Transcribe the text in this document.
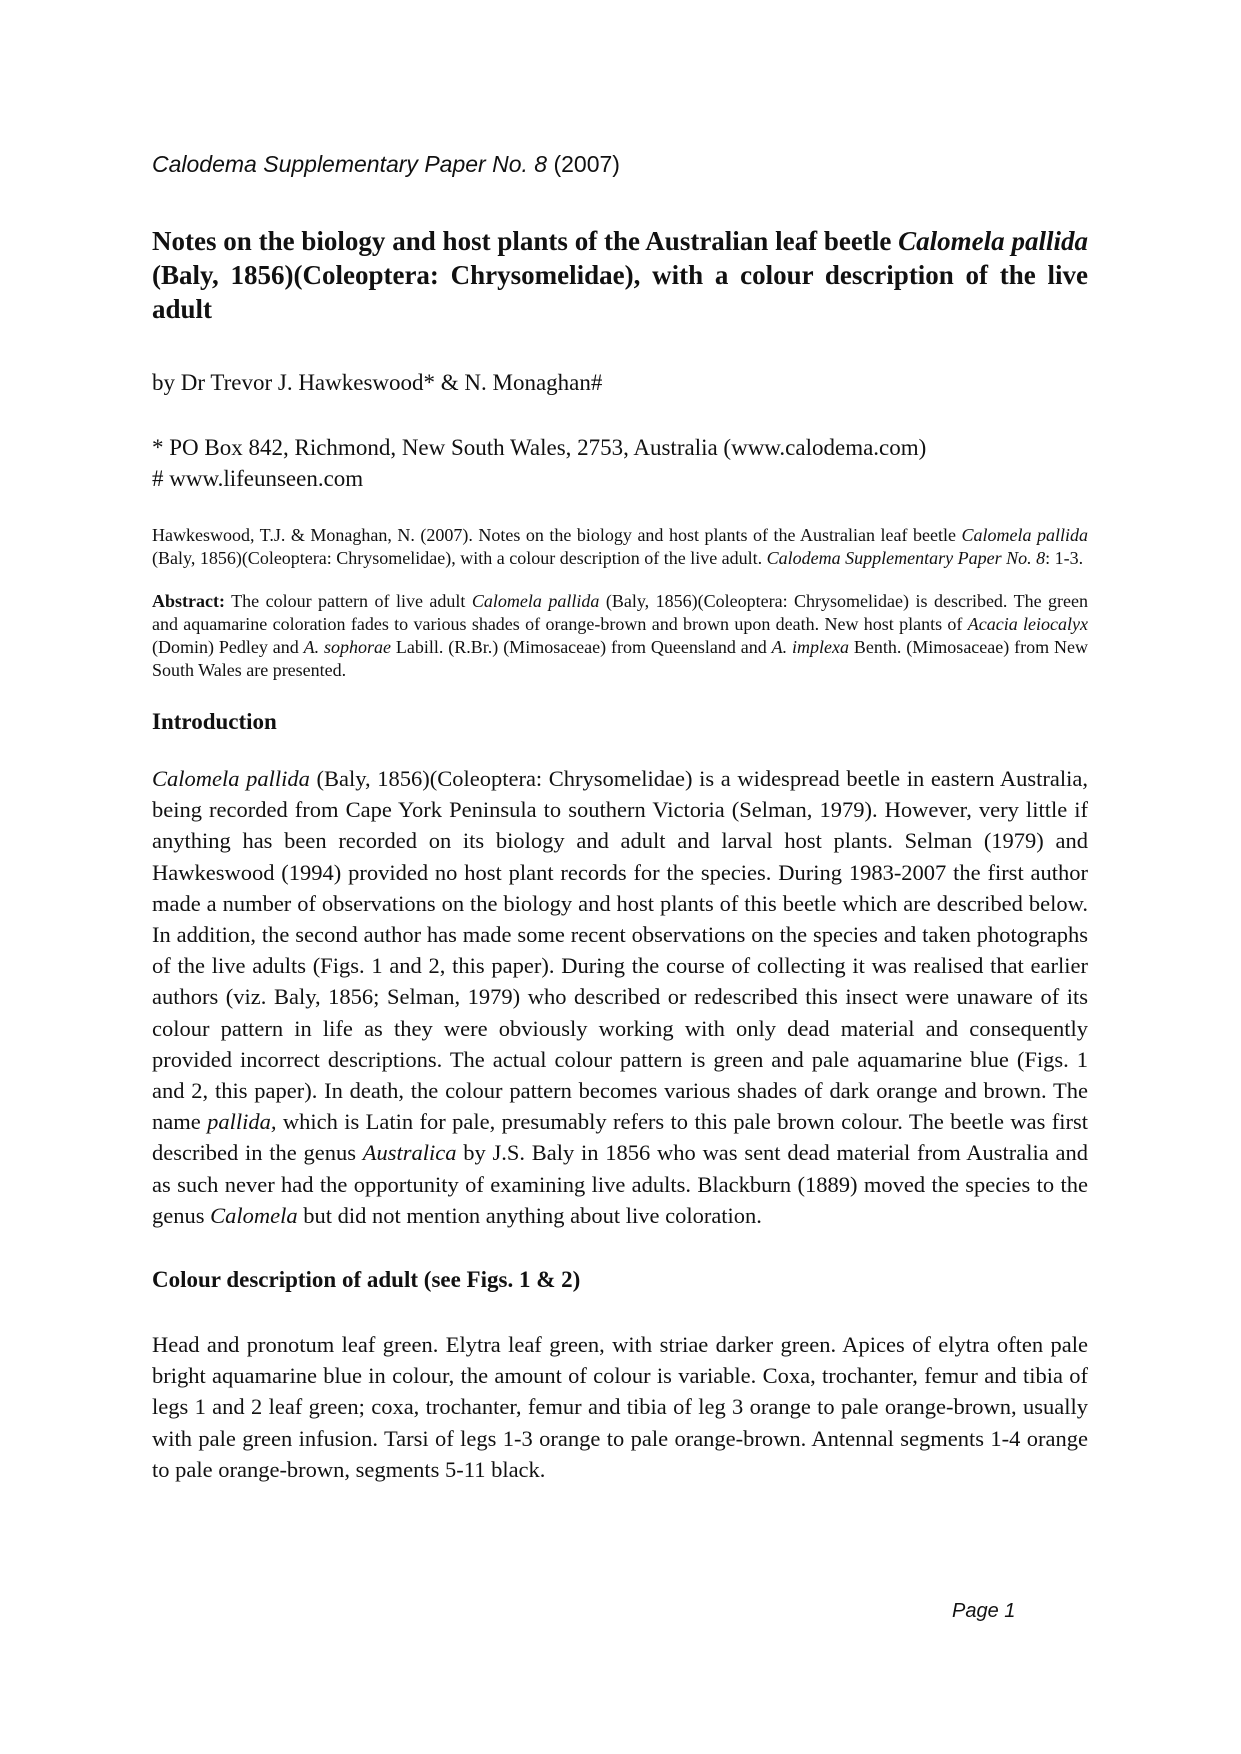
Calodema Supplementary Paper No. 8 (2007)

Notes on the biology and host plants of the Australian leaf beetle Calomela pallida (Baly, 1856)(Coleoptera: Chrysomelidae), with a colour description of the live adult

by Dr Trevor J. Hawkeswood* & N. Monaghan#

* PO Box 842, Richmond, New South Wales, 2753, Australia (www.calodema.com)
# www.lifeunseen.com

Hawkeswood, T.J. & Monaghan, N. (2007). Notes on the biology and host plants of the Australian leaf beetle Calomela pallida (Baly, 1856)(Coleoptera: Chrysomelidae), with a colour description of the live adult. Calodema Supplementary Paper No. 8: 1-3.

Abstract: The colour pattern of live adult Calomela pallida (Baly, 1856)(Coleoptera: Chrysomelidae) is described. The green and aquamarine coloration fades to various shades of orange-brown and brown upon death. New host plants of Acacia leiocalyx (Domin) Pedley and A. sophorae Labill. (R.Br.) (Mimosaceae) from Queensland and A. implexa Benth. (Mimosaceae) from New South Wales are presented.

Introduction

Calomela pallida (Baly, 1856)(Coleoptera: Chrysomelidae) is a widespread beetle in eastern Australia, being recorded from Cape York Peninsula to southern Victoria (Selman, 1979). However, very little if anything has been recorded on its biology and adult and larval host plants. Selman (1979) and Hawkeswood (1994) provided no host plant records for the species. During 1983-2007 the first author made a number of observations on the biology and host plants of this beetle which are described below. In addition, the second author has made some recent observations on the species and taken photographs of the live adults (Figs. 1 and 2, this paper). During the course of collecting it was realised that earlier authors (viz. Baly, 1856; Selman, 1979) who described or redescribed this insect were unaware of its colour pattern in life as they were obviously working with only dead material and consequently provided incorrect descriptions. The actual colour pattern is green and pale aquamarine blue (Figs. 1 and 2, this paper). In death, the colour pattern becomes various shades of dark orange and brown. The name pallida, which is Latin for pale, presumably refers to this pale brown colour. The beetle was first described in the genus Australica by J.S. Baly in 1856 who was sent dead material from Australia and as such never had the opportunity of examining live adults. Blackburn (1889) moved the species to the genus Calomela but did not mention anything about live coloration.

Colour description of adult (see Figs. 1 & 2)

Head and pronotum leaf green. Elytra leaf green, with striae darker green. Apices of elytra often pale bright aquamarine blue in colour, the amount of colour is variable. Coxa, trochanter, femur and tibia of legs 1 and 2 leaf green; coxa, trochanter, femur and tibia of leg 3 orange to pale orange-brown, usually with pale green infusion. Tarsi of legs 1-3 orange to pale orange-brown. Antennal segments 1-4 orange to pale orange-brown, segments 5-11 black.

Page 1
